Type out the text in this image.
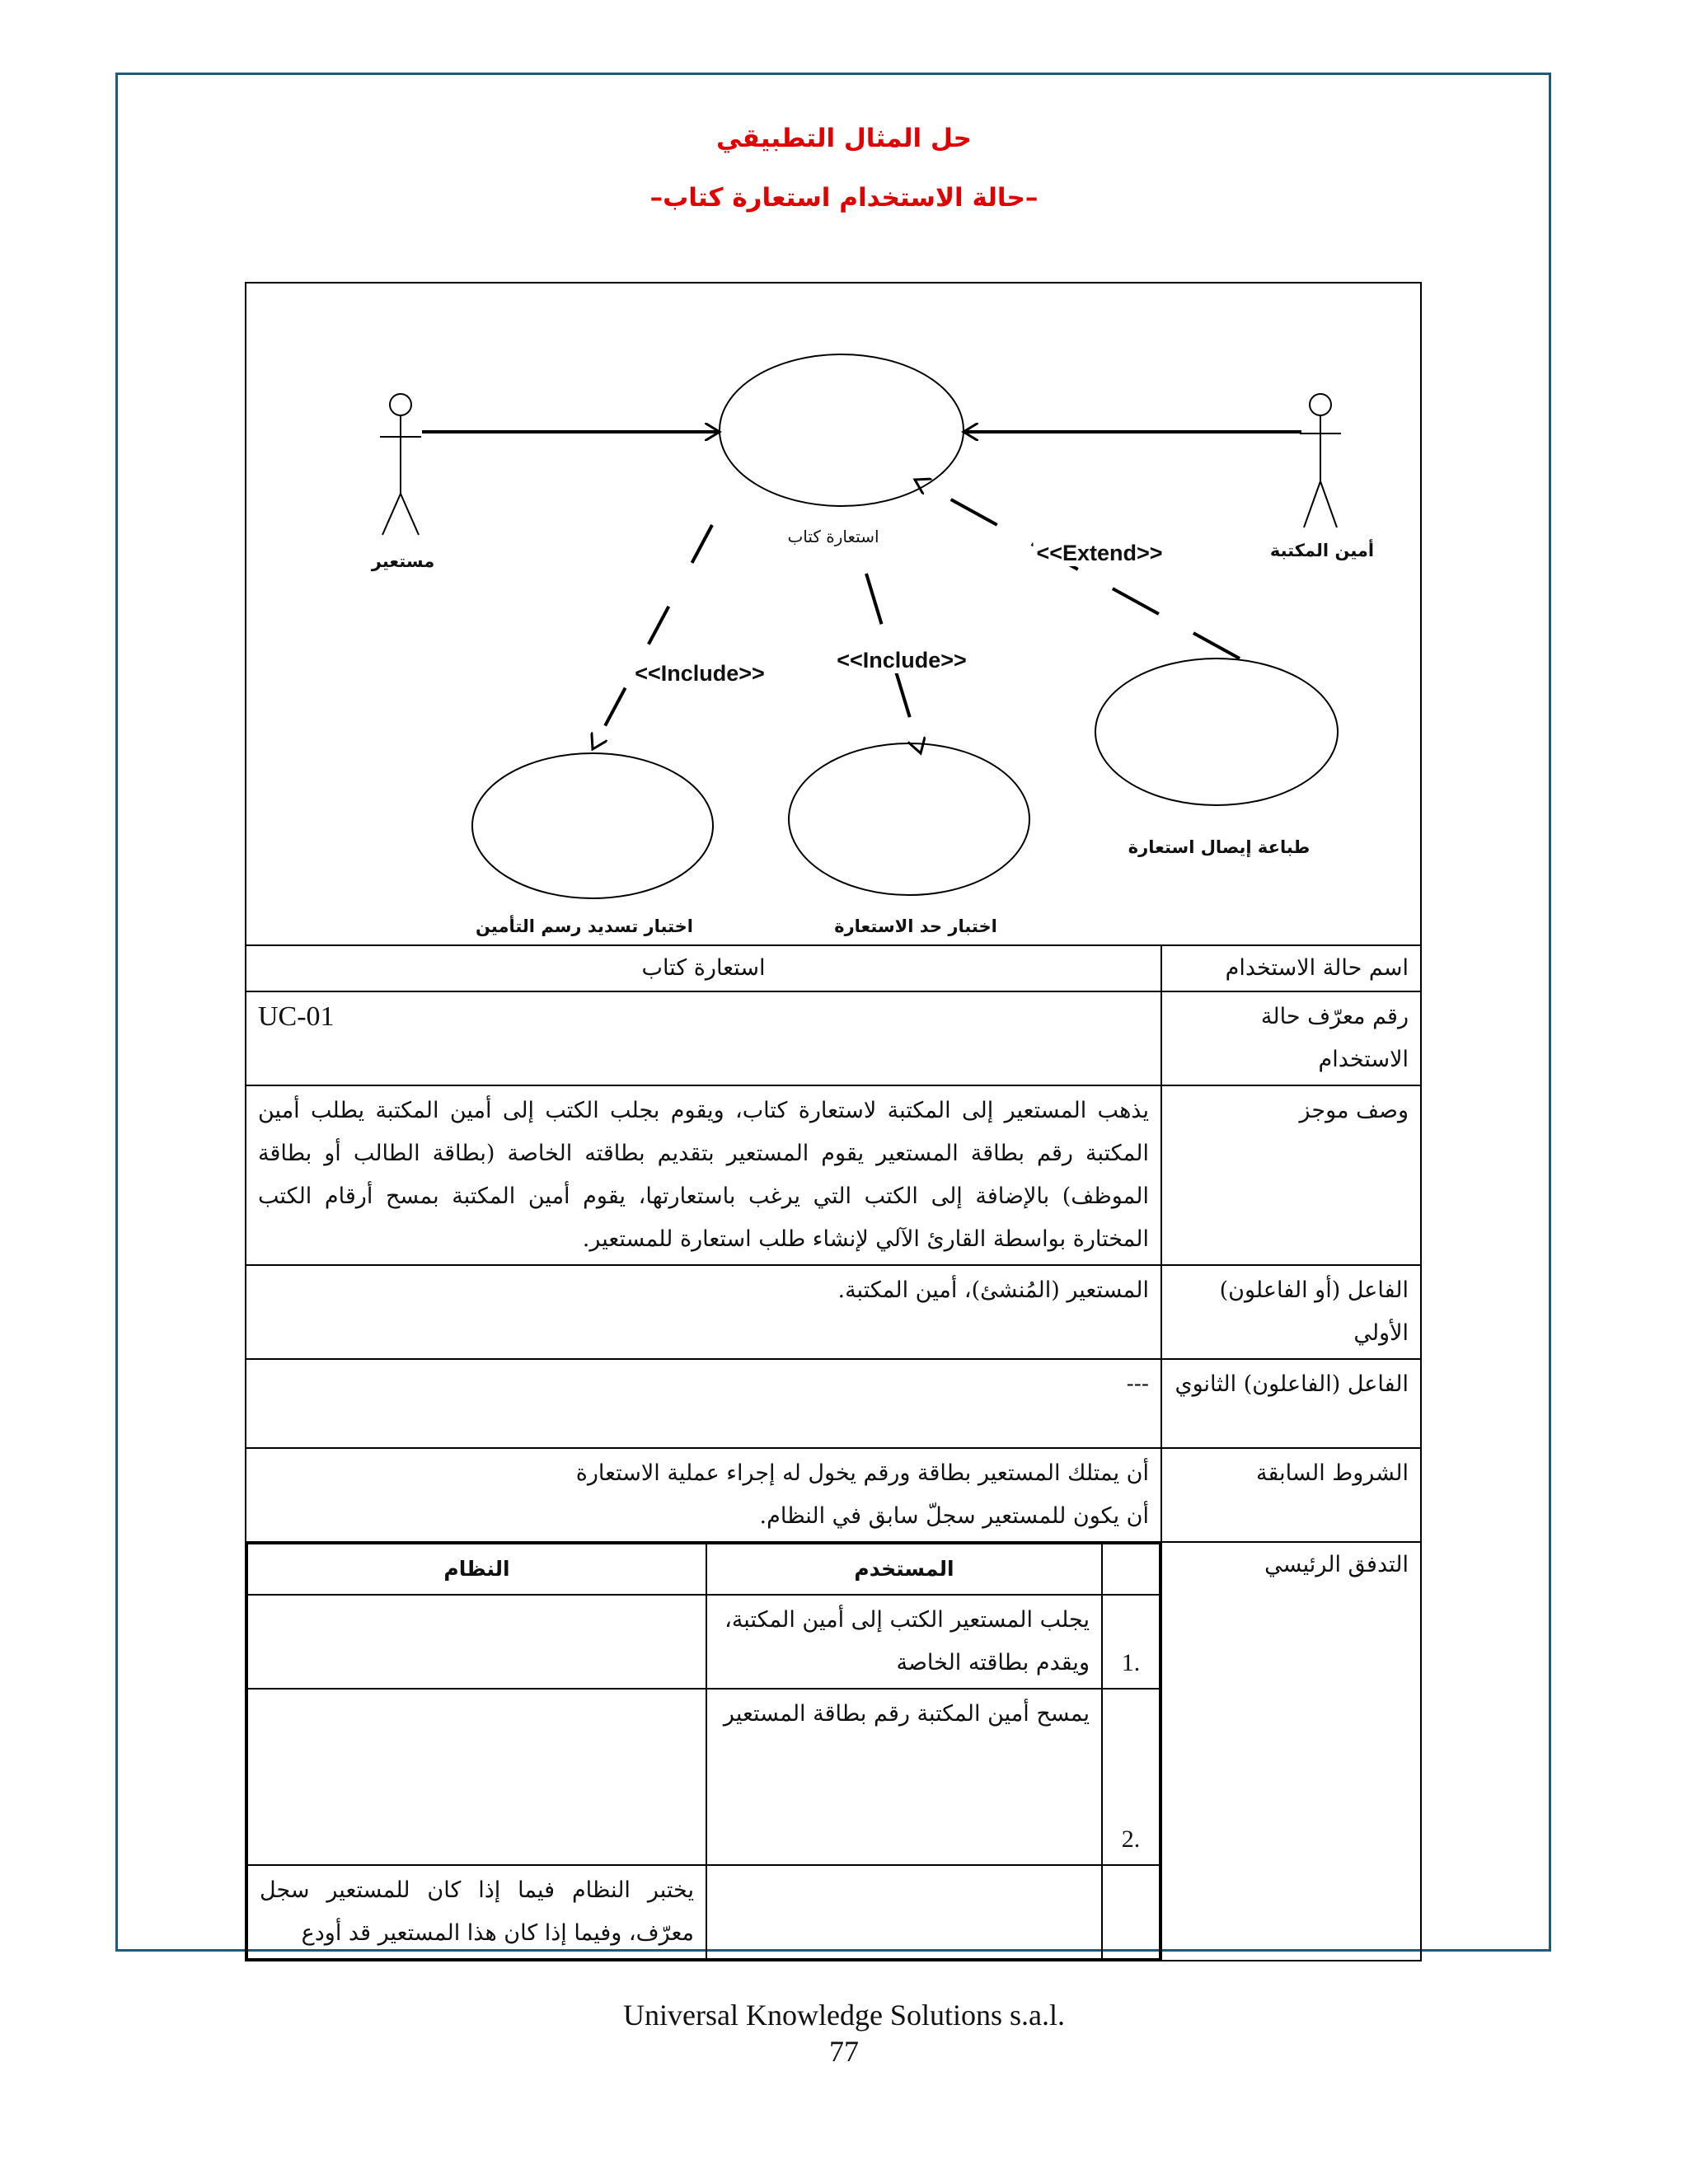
حل المثال التطبيقي
–حالة الاستخدام استعارة كتاب–
مستعير
أمين المكتبة
استعارة كتاب
طباعة إيصال استعارة
اختبار تسديد رسم التأمين	اختبار حد الاستعارة
<<Include>>
<<Include>>
<<Extend>>
اسم حالة الاستخدام	استعارة كتاب
رقم معرّف حالة الاستخدام	UC-01
وصف موجز	يذهب المستعير إلى المكتبة لاستعارة كتاب، ويقوم بجلب الكتب إلى أمين المكتبة يطلب أمين المكتبة رقم بطاقة المستعير يقوم المستعير بتقديم بطاقته الخاصة (بطاقة الطالب أو بطاقة الموظف) بالإضافة إلى الكتب التي يرغب باستعارتها، يقوم أمين المكتبة بمسح أرقام الكتب المختارة بواسطة القارئ الآلي لإنشاء طلب استعارة للمستعير.
الفاعل (أو الفاعلون) الأولي	المستعير (المُنشئ)، أمين المكتبة.
الفاعل (الفاعلون) الثانوي	---
الشروط السابقة	
أن يمتلك المستعير بطاقة ورقم يخول له إجراء عملية الاستعارة
أن يكون للمستعير سجلّ سابق في النظام.

التدفق الرئيسي	
	المستخدم	النظام
.1	يجلب المستعير الكتب إلى أمين المكتبة، ويقدم بطاقته الخاصة	
.2	يمسح أمين المكتبة رقم بطاقة المستعير	
		يختبر النظام فيما إذا كان للمستعير سجل معرّف، وفيما إذا كان هذا المستعير قد أودع
Universal Knowledge Solutions s.a.l.
77
